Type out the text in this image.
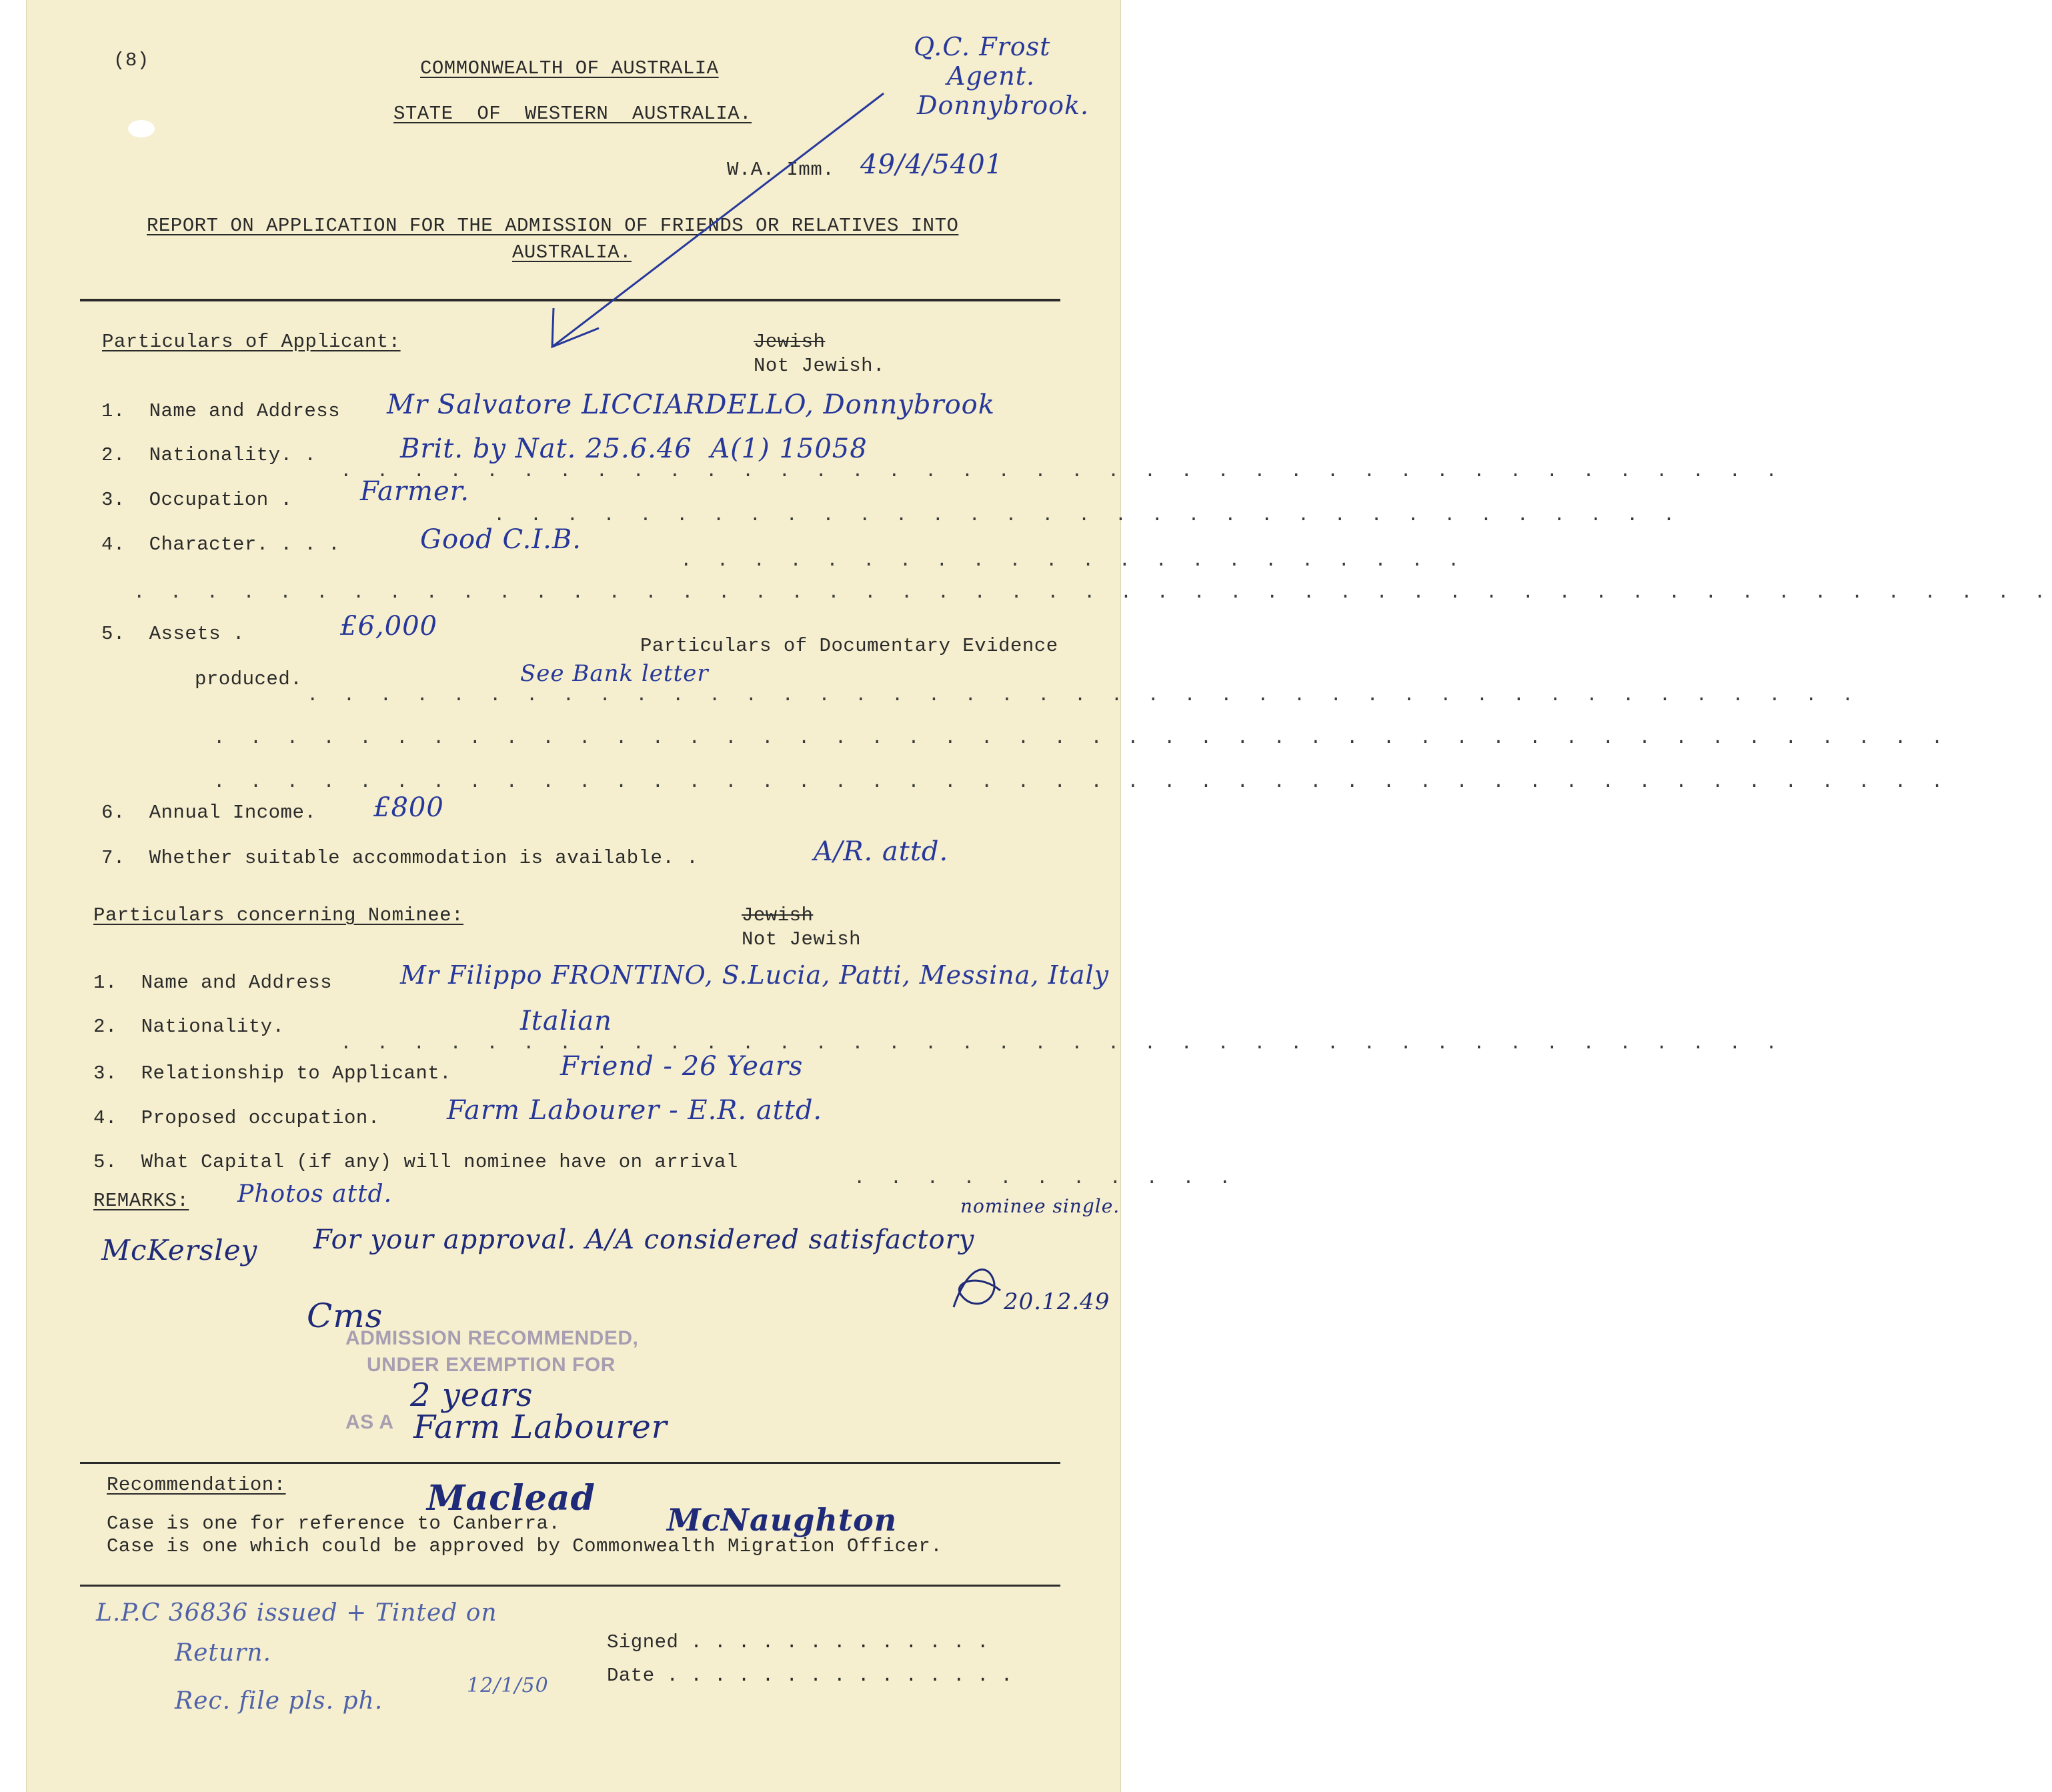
(8)	COMMONWEALTH OF AUSTRALIA
STATE  OF  WESTERN  AUSTRALIA.
Q.C. Frost
Agent.
Donnybrook.
W.A. Imm. 49/4/5401
REPORT ON APPLICATION FOR THE ADMISSION OF FRIENDS OR RELATIVES INTO
AUSTRALIA.
Particulars of Applicant:	Jewish
Not Jewish.
1.  Name and Address Mr Salvatore LICCIARDELLO, Donnybrook
2.  Nationality. .
. . . . . . . . . . . . . . . . . . . . . . . . . . . . . . . . . . . . . . . .
Brit. by Nat. 25.6.46  A(1) 15058
3.  Occupation .
. . . . . . . . . . . . . . . . . . . . . . . . . . . . . . . . .
Farmer.
4.  Character. . . .
. . . . . . . . . . . . . . . . . . . . . .
Good C.I.B.
. . . . . . . . . . . . . . . . . . . . . . . . . . . . . . . . . . . . . . . . . . . . . . . . . . . . .
5.  Assets .	£6,000
Particulars of Documentary Evidence
produced.
. . . . . . . . . . . . . . . . . . . . . . . . . . . . . . . . . . . . . . . . . . .
See Bank letter
. . . . . . . . . . . . . . . . . . . . . . . . . . . . . . . . . . . . . . . . . . . . . . . .
. . . . . . . . . . . . . . . . . . . . . . . . . . . . . . . . . . . . . . . . . . . . . . . .
6.  Annual Income. £800
7.  Whether suitable accommodation is available. .	A/R. attd.
Particulars concerning Nominee:	Jewish
Not Jewish
1.  Name and Address	Mr Filippo FRONTINO, S.Lucia, Patti, Messina, Italy
2.  Nationality.
. . . . . . . . . . . . . . . . . . . . . . . . . . . . . . . . . . . . . . . .
Italian
3.  Relationship to Applicant.	Friend - 26 Years
4.  Proposed occupation.	Farm Labourer - E.R. attd.
5.  What Capital (if any) will nominee have on arrival
. . . . . . . . . . .
REMARKS: Photos attd.
McKersley For your approval. A/A considered satisfactory
nominee single.
20.12.49
Cms
ADMISSION RECOMMENDED,
UNDER EXEMPTION FOR
AS A
2 years
Farm Labourer
Recommendation:
Case is one for reference to Canberra.
Case is one which could be approved by Commonwealth Migration Officer.
Maclead
McNaughton
L.P.C 36836 issued + Tinted on
Return.
Rec. file pls. ph.
12/1/50
Signed . . . . . . . . . . . . .
Date . . . . . . . . . . . . . . .
